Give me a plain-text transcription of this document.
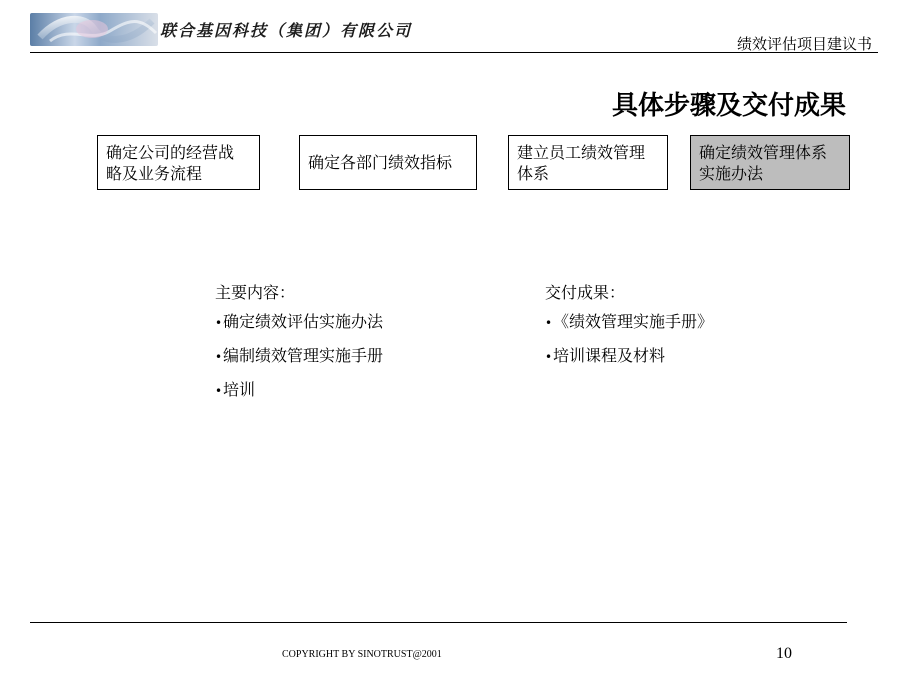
联合基因科技（集团）有限公司
绩效评估项目建议书
具体步骤及交付成果
确定公司的经营战
略及业务流程
确定各部门绩效指标
建立员工绩效管理
体系
确定绩效管理体系
实施办法
主要内容：
•确定绩效评估实施办法
•编制绩效管理实施手册
•培训
交付成果：
•《绩效管理实施手册》
•培训课程及材料
COPYRIGHT BY SINOTRUST@2001	10
